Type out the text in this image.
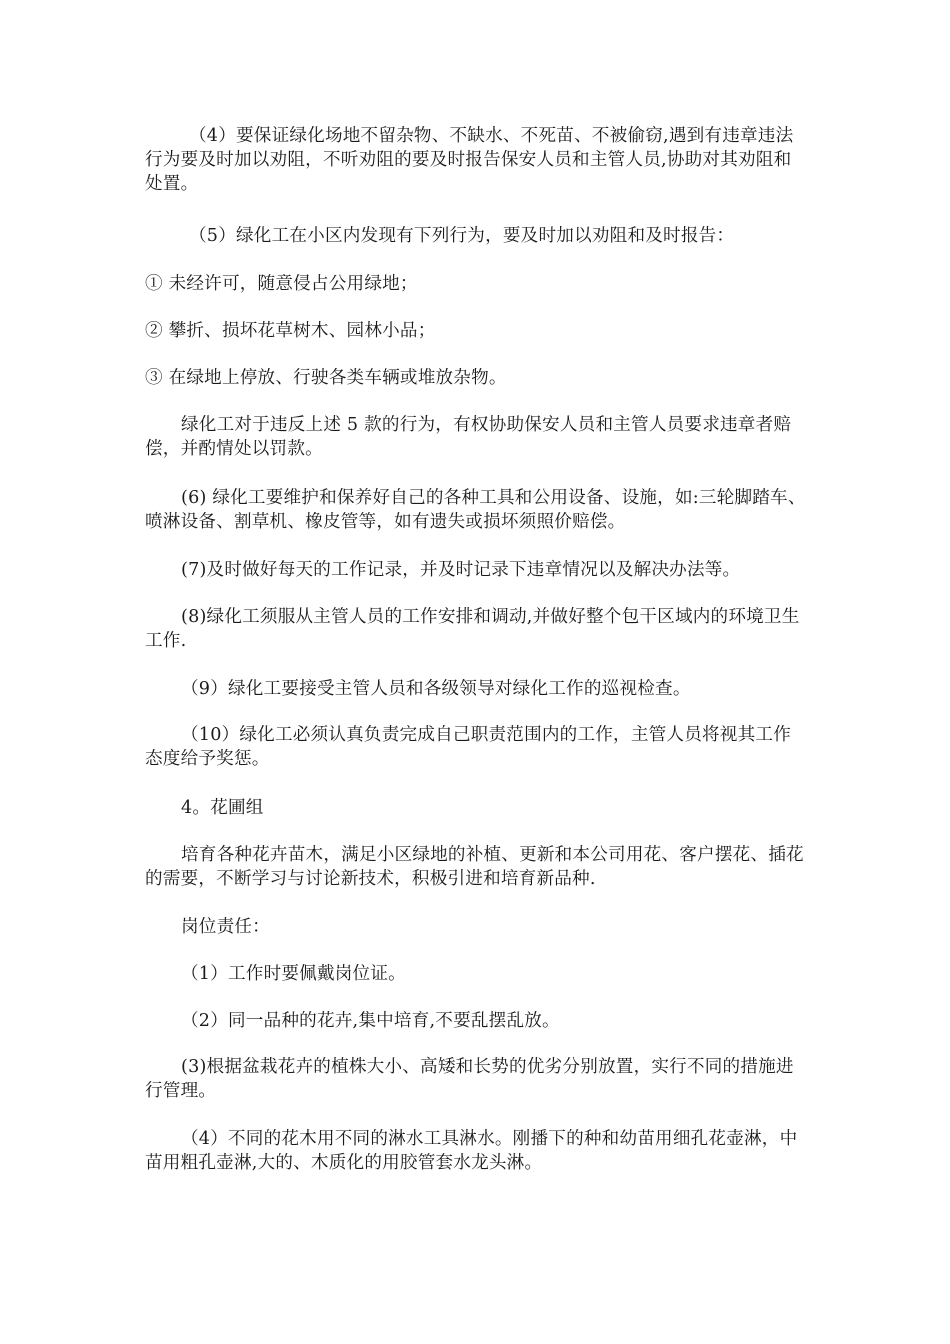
（4）要保证绿化场地不留杂物、不缺水、不死苗、不被偷窃,遇到有违章违法行为要及时加以劝阻，不听劝阻的要及时报告保安人员和主管人员,协助对其劝阻和处置。

（5）绿化工在小区内发现有下列行为，要及时加以劝阻和及时报告：

① 未经许可，随意侵占公用绿地；

② 攀折、损坏花草树木、园林小品；

③ 在绿地上停放、行驶各类车辆或堆放杂物。

绿化工对于违反上述 5 款的行为，有权协助保安人员和主管人员要求违章者赔偿，并酌情处以罚款。

(6) 绿化工要维护和保养好自己的各种工具和公用设备、设施，如:三轮脚踏车、喷淋设备、割草机、橡皮管等，如有遗失或损坏须照价赔偿。

(7)及时做好每天的工作记录，并及时记录下违章情况以及解决办法等。

(8)绿化工须服从主管人员的工作安排和调动,并做好整个包干区域内的环境卫生工作.

（9）绿化工要接受主管人员和各级领导对绿化工作的巡视检查。

（10）绿化工必须认真负责完成自己职责范围内的工作，主管人员将视其工作态度给予奖惩。

4。花圃组

培育各种花卉苗木，满足小区绿地的补植、更新和本公司用花、客户摆花、插花的需要，不断学习与讨论新技术，积极引进和培育新品种.

岗位责任：

（1）工作时要佩戴岗位证。

（2）同一品种的花卉,集中培育,不要乱摆乱放。

(3)根据盆栽花卉的植株大小、高矮和长势的优劣分别放置，实行不同的措施进行管理。

（4）不同的花木用不同的淋水工具淋水。刚播下的种和幼苗用细孔花壶淋，中苗用粗孔壶淋,大的、木质化的用胶管套水龙头淋。
